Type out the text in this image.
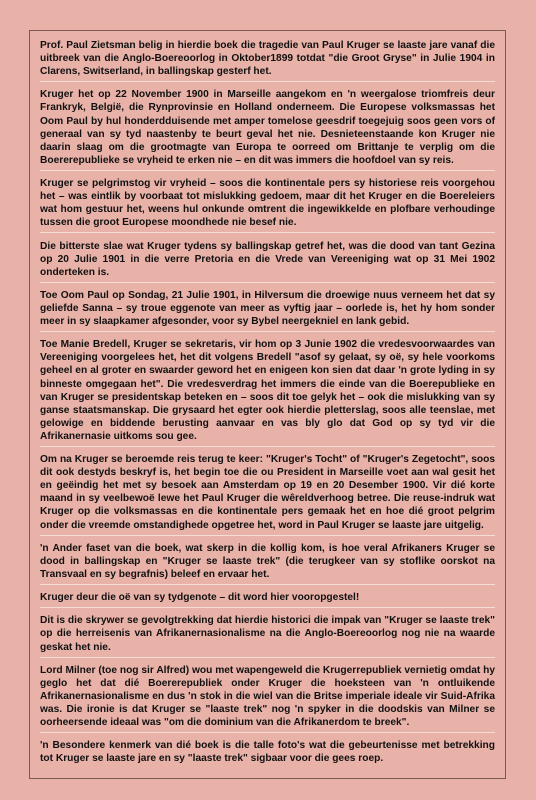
Prof. Paul Zietsman belig in hierdie boek die tragedie van Paul Kruger se laaste jare vanaf die uitbreek van die Anglo-Boereoorlog in Oktober1899 totdat "die Groot Gryse" in Julie 1904 in Clarens, Switserland, in ballingskap gesterf het.

Kruger het op 22 November 1900 in Marseille aangekom en 'n weergalose triomfreis deur Frankryk, België, die Rynprovinsie en Holland onderneem. Die Europese volksmassas het Oom Paul by hul honderdduisende met amper tomelose geesdrif toegejuig soos geen vors of generaal van sy tyd naastenby te beurt geval het nie. Desnieteenstaande kon Kruger nie daarin slaag om die grootmagte van Europa te oorreed om Brittanje te verplig om die Boererepublieke se vryheid te erken nie – en dit was immers die hoofdoel van sy reis.

Kruger se pelgrimstog vir vryheid – soos die kontinentale pers sy historiese reis voorgehou het – was eintlik by voorbaat tot mislukking gedoem, maar dit het Kruger en die Boereleiers wat hom gestuur het, weens hul onkunde omtrent die ingewikkelde en plofbare verhoudinge tussen die groot Europese moondhede nie besef nie.

Die bitterste slae wat Kruger tydens sy ballingskap getref het, was die dood van tant Gezina op 20 Julie 1901 in die verre Pretoria en die Vrede van Vereeniging wat op 31 Mei 1902 onderteken is.

Toe Oom Paul op Sondag, 21 Julie 1901, in Hilversum die droewige nuus verneem het dat sy geliefde Sanna – sy troue eggenote van meer as vyftig jaar – oorlede is, het hy hom sonder meer in sy slaapkamer afgesonder, voor sy Bybel neergekniel en lank gebid.

Toe Manie Bredell, Kruger se sekretaris, vir hom op 3 Junie 1902 die vredesvoorwaardes van Vereeniging voorgelees het, het dit volgens Bredell "asof sy gelaat, sy oë, sy hele voorkoms geheel en al groter en swaarder geword het en enigeen kon sien dat daar 'n grote lyding in sy binneste omgegaan het". Die vredesverdrag het immers die einde van die Boerepublieke en van Kruger se presidentskap beteken en – soos dit toe gelyk het – ook die mislukking van sy ganse staatsmanskap. Die grysaard het egter ook hierdie pletterslag, soos alle teenslae, met gelowige en biddende berusting aanvaar en vas bly glo dat God op sy tyd vir die Afrikanernasie uitkoms sou gee.

Om na Kruger se beroemde reis terug te keer: "Kruger's Tocht" of "Kruger's Zegetocht", soos dit ook destyds beskryf is, het begin toe die ou President in Marseille voet aan wal gesit het en geëindig het met sy besoek aan Amsterdam op 19 en 20 Desember 1900. Vir dié korte maand in sy veelbewoë lewe het Paul Kruger die wêreldverhoog betree. Die reuse-indruk wat Kruger op die volksmassas en die kontinentale pers gemaak het en hoe dié groot pelgrim onder die vreemde omstandighede opgetree het, word in Paul Kruger se laaste jare uitgelig.

'n Ander faset van die boek, wat skerp in die kollig kom, is hoe veral Afrikaners Kruger se dood in ballingskap en "Kruger se laaste trek" (die terugkeer van sy stoflike oorskot na Transvaal en sy begrafnis) beleef en ervaar het.

Kruger deur die oë van sy tydgenote – dit word hier vooropgestel!

Dit is die skrywer se gevolgtrekking dat hierdie historici die impak van "Kruger se laaste trek" op die herreisenis van Afrikanernasionalisme na die Anglo-Boereoorlog nog nie na waarde geskat het nie.

Lord Milner (toe nog sir Alfred) wou met wapengeweld die Krugerrepubliek vernietig omdat hy geglo het dat dié Boererepubliek onder Kruger die hoeksteen van 'n ontluikende Afrikanernasionalisme en dus 'n stok in die wiel van die Britse imperiale ideale vir Suid-Afrika was. Die ironie is dat Kruger se "laaste trek" nog 'n spyker in die doodskis van Milner se oorheersende ideaal was "om die dominium van die Afrikanerdom te breek".

'n Besondere kenmerk van dié boek is die talle foto's wat die gebeurtenisse met betrekking tot Kruger se laaste jare en sy "laaste trek" sigbaar voor die gees roep.
